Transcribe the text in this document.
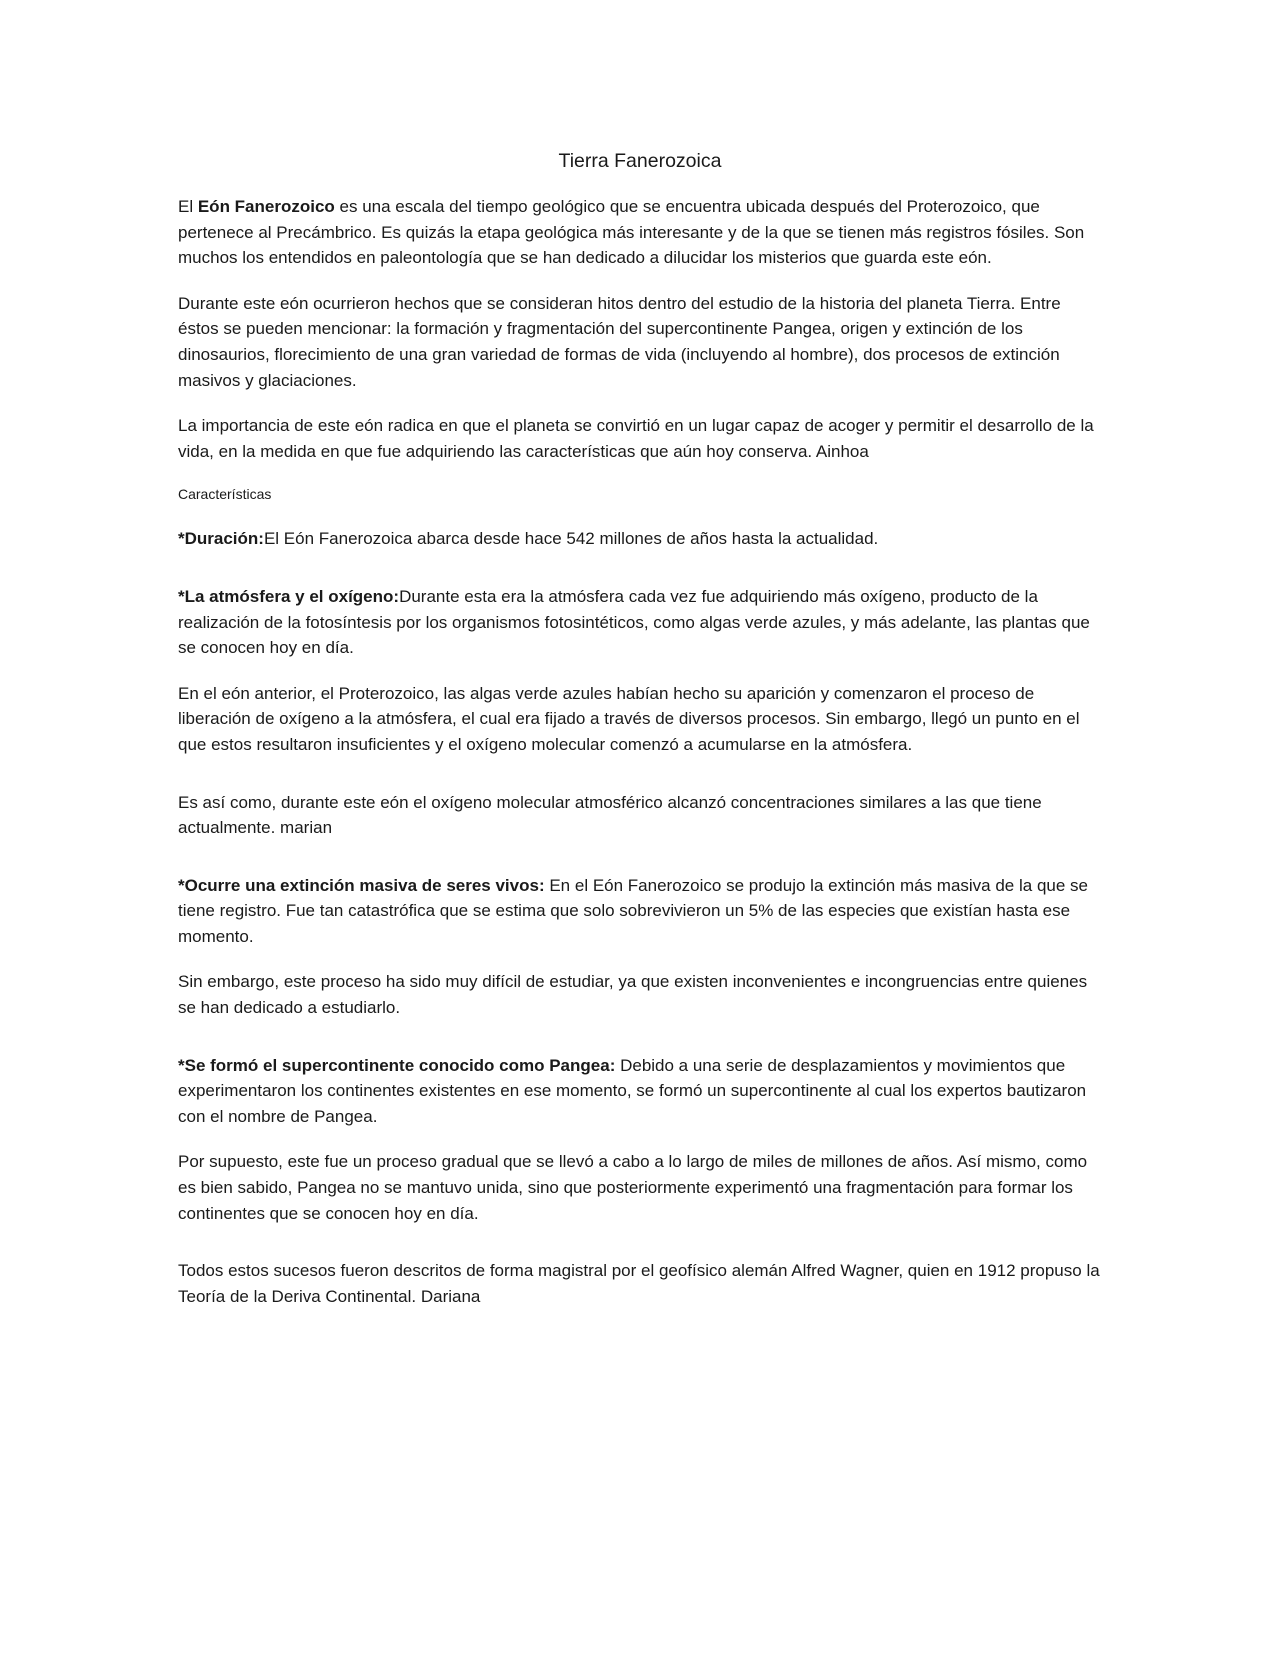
Tierra Fanerozoica

El Eón Fanerozoico es una escala del tiempo geológico que se encuentra ubicada después del Proterozoico, que pertenece al Precámbrico. Es quizás la etapa geológica más interesante y de la que se tienen más registros fósiles. Son muchos los entendidos en paleontología que se han dedicado a dilucidar los misterios que guarda este eón.

Durante este eón ocurrieron hechos que se consideran hitos dentro del estudio de la historia del planeta Tierra. Entre éstos se pueden mencionar: la formación y fragmentación del supercontinente Pangea, origen y extinción de los dinosaurios, florecimiento de una gran variedad de formas de vida (incluyendo al hombre), dos procesos de extinción masivos y glaciaciones.

La importancia de este eón radica en que el planeta se convirtió en un lugar capaz de acoger y permitir el desarrollo de la vida, en la medida en que fue adquiriendo las características que aún hoy conserva. Ainhoa

Características

*Duración:El Eón Fanerozoica abarca desde hace 542 millones de años hasta la actualidad.

*La atmósfera y el oxígeno:Durante esta era la atmósfera cada vez fue adquiriendo más oxígeno, producto de la realización de la fotosíntesis por los organismos fotosintéticos, como algas verde azules, y más adelante, las plantas que se conocen hoy en día.

En el eón anterior, el Proterozoico, las algas verde azules habían hecho su aparición y comenzaron el proceso de liberación de oxígeno a la atmósfera, el cual era fijado a través de diversos procesos. Sin embargo, llegó un punto en el que estos resultaron insuficientes y el oxígeno molecular comenzó a acumularse en la atmósfera.

Es así como, durante este eón el oxígeno molecular atmosférico alcanzó concentraciones similares a las que tiene actualmente. marian

*Ocurre una extinción masiva de seres vivos: En el Eón Fanerozoico se produjo la extinción más masiva de la que se tiene registro. Fue tan catastrófica que se estima que solo sobrevivieron un 5% de las especies que existían hasta ese momento.

Sin embargo, este proceso ha sido muy difícil de estudiar, ya que existen inconvenientes e incongruencias entre quienes se han dedicado a estudiarlo.

*Se formó el supercontinente conocido como Pangea: Debido a una serie de desplazamientos y movimientos que experimentaron los continentes existentes en ese momento, se formó un supercontinente al cual los expertos bautizaron con el nombre de Pangea.

Por supuesto, este fue un proceso gradual que se llevó a cabo a lo largo de miles de millones de años. Así mismo, como es bien sabido, Pangea no se mantuvo unida, sino que posteriormente experimentó una fragmentación para formar los continentes que se conocen hoy en día.

Todos estos sucesos fueron descritos de forma magistral por el geofísico alemán Alfred Wagner, quien en 1912 propuso la Teoría de la Deriva Continental. Dariana
